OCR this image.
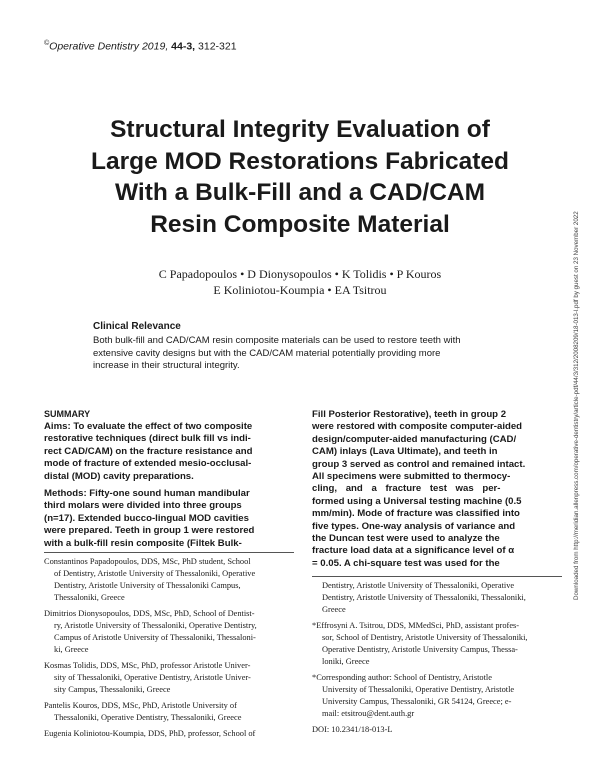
©Operative Dentistry 2019, 44-3, 312-321
Structural Integrity Evaluation of
Large MOD Restorations Fabricated
With a Bulk-Fill and a CAD/CAM
Resin Composite Material
C Papadopoulos • D Dionysopoulos • K Tolidis • P Kouros
E Koliniotou-Koumpia • EA Tsitrou
Clinical Relevance

Both bulk-fill and CAD/CAM resin composite materials can be used to restore teeth with
extensive cavity designs but with the CAD/CAM material potentially providing more
increase in their structural integrity.

SUMMARY

Aims: To evaluate the effect of two composite
restorative techniques (direct bulk fill vs indi-
rect CAD/CAM) on the fracture resistance and
mode of fracture of extended mesio-occlusal-
distal (MOD) cavity preparations.

Methods: Fifty-one sound human mandibular
third molars were divided into three groups
(n=17). Extended bucco-lingual MOD cavities
were prepared. Teeth in group 1 were restored
with a bulk-fill resin composite (Filtek Bulk-

Fill Posterior Restorative), teeth in group 2
were restored with composite computer-aided
design/computer-aided manufacturing (CAD/
CAM) inlays (Lava Ultimate), and teeth in
group 3 served as control and remained intact.
All specimens were submitted to thermocy-
cling, and a fracture test was per-
formed using a Universal testing machine (0.5
mm/min). Mode of fracture was classified into
five types. One-way analysis of variance and
the Duncan test were used to analyze the
fracture load data at a significance level of α
= 0.05. A chi-square test was used for the

Constantinos Papadopoulos, DDS, MSc, PhD student, School
of Dentistry, Aristotle University of Thessaloniki, Operative
Dentistry, Aristotle University of Thessaloniki Campus,
Thessaloniki, Greece

Dimitrios Dionysopoulos, DDS, MSc, PhD, School of Dentist-
ry, Aristotle University of Thessaloniki, Operative Dentistry,
Campus of Aristotle University of Thessaloniki, Thessaloni-
ki, Greece

Kosmas Tolidis, DDS, MSc, PhD, professor Aristotle Univer-
sity of Thessaloniki, Operative Dentistry, Aristotle Univer-
sity Campus, Thessaloniki, Greece

Pantelis Kouros, DDS, MSc, PhD, Aristotle University of
Thessaloniki, Operative Dentistry, Thessaloniki, Greece

Eugenia Koliniotou-Koumpia, DDS, PhD, professor, School of

Dentistry, Aristotle University of Thessaloniki, Operative
Dentistry, Aristotle University of Thessaloniki, Thessaloniki,
Greece

*Effrosyni A. Tsitrou, DDS, MMedSci, PhD, assistant profes-
sor, School of Dentistry, Aristotle University of Thessaloniki,
Operative Dentistry, Aristotle University Campus, Thessa-
loniki, Greece

*Corresponding author: School of Dentistry, Aristotle
University of Thessaloniki, Operative Dentistry, Aristotle
University Campus, Thessaloniki, GR 54124, Greece; e-
mail: etsitrou@dent.auth.gr

DOI: 10.2341/18-013-L

Downloaded from http://meridian.allenpress.com/operative-dentistry/article-pdf/44/3/312/2008209/18-013-l.pdf by guest on 23 November 2022
